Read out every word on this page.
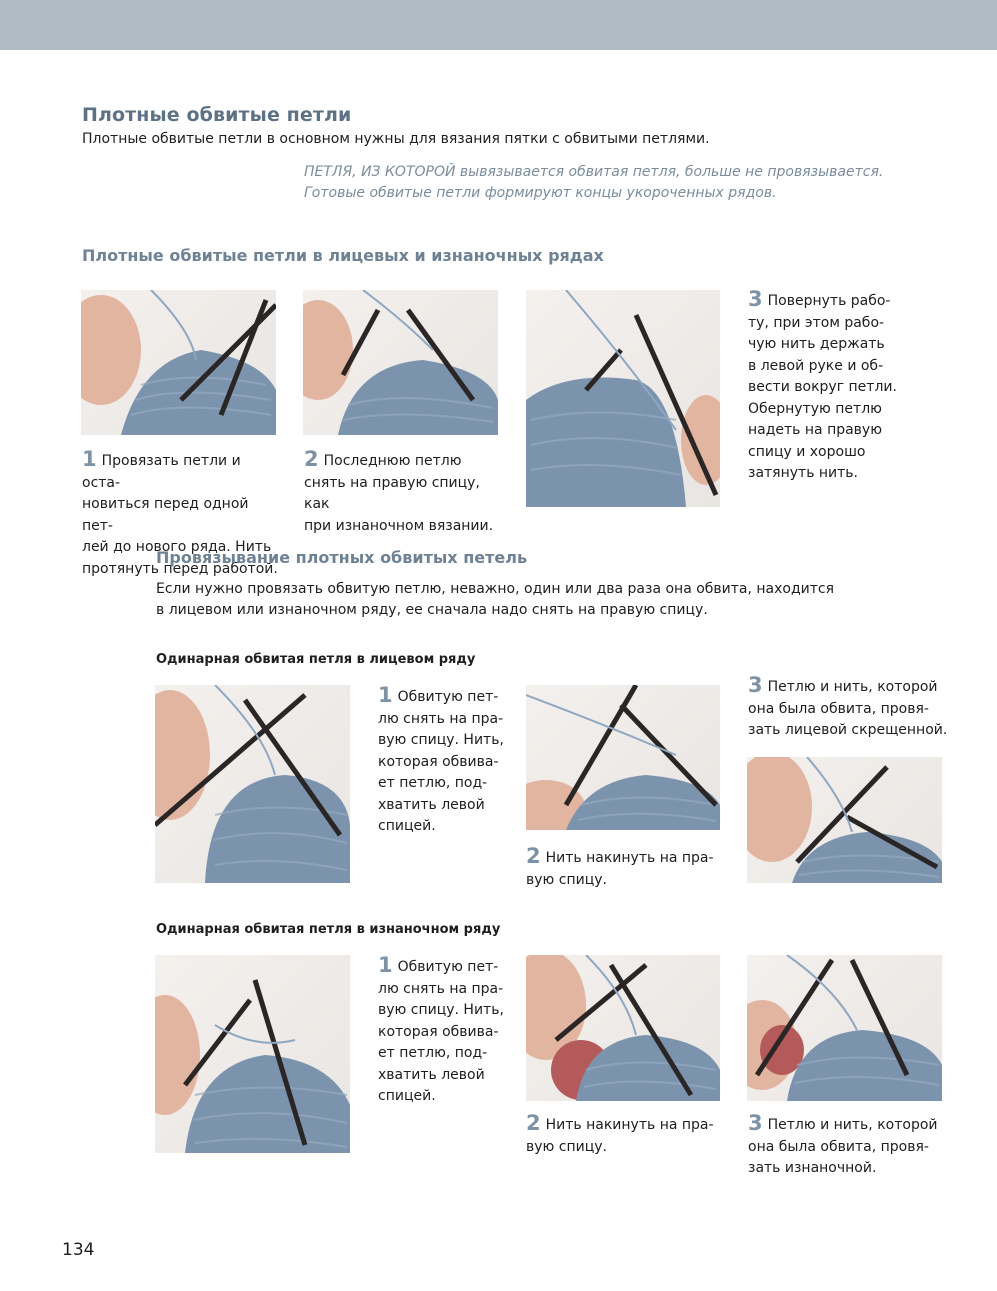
Плотные обвитые петли
Плотные обвитые петли в основном нужны для вязания пятки с обвитыми петлями.

ПЕТЛЯ, ИЗ КОТОРОЙ вывязывается обвитая петля, больше не провязывается.

Готовые обвитые петли формируют концы укороченных рядов.

Плотные обвитые петли в лицевых и изнаночных рядах
1 Провязать петли и оста-
новиться перед одной пет-
лей до нового ряда. Нить
протянуть перед работой.
2 Последнюю петлю
снять на правую спицу, как
при изнаночном вязании.
3 Повернуть рабо-
ту, при этом рабо-
чую нить держать
в левой руке и об-
вести вокруг петли.
Обернутую петлю
надеть на правую
спицу и хорошо
затянуть нить.
Провязывание плотных обвитых петель
Если нужно провязать обвитую петлю, неважно, один или два раза она обвита, находится
в лицевом или изнаночном ряду, ее сначала надо снять на правую спицу.
Одинарная обвитая петля в лицевом ряду
1 Обвитую пет-
лю снять на пра-
вую спицу. Нить,
которая обвива-
ет петлю, под-
хватить левой
спицей.
2 Нить накинуть на пра-
вую спицу.
3 Петлю и нить, которой
она была обвита, провя-
зать лицевой скрещенной.
Одинарная обвитая петля в изнаночном ряду
1 Обвитую пет-
лю снять на пра-
вую спицу. Нить,
которая обвива-
ет петлю, под-
хватить левой
спицей.
2 Нить накинуть на пра-
вую спицу.
3 Петлю и нить, которой
она была обвита, провя-
зать изнаночной.
134
